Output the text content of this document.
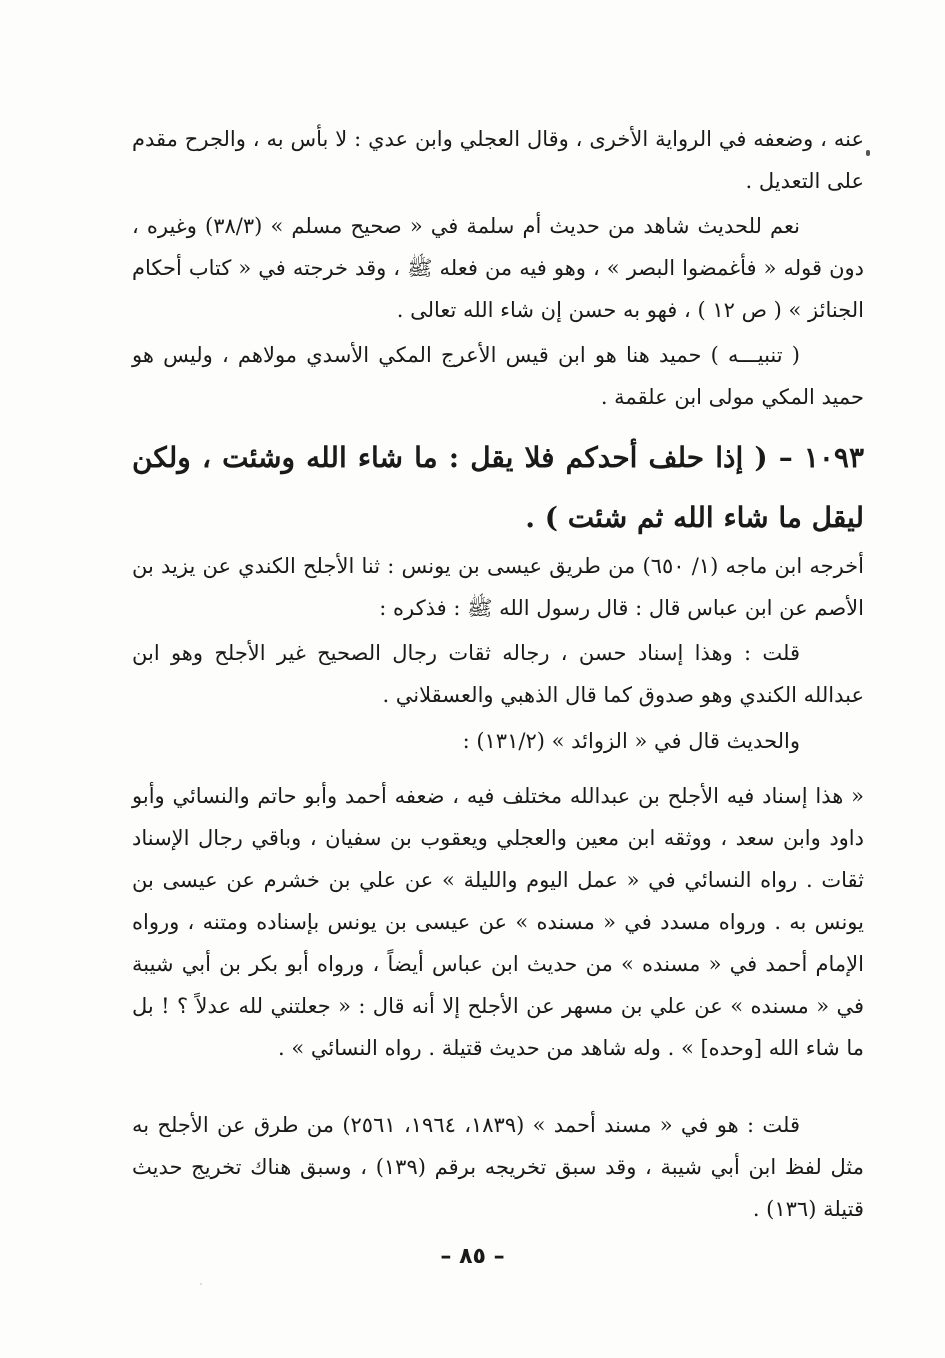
عنه ، وضعفه في الرواية الأخرى ، وقال العجلي وابن عدي : لا بأس به ، والجرح مقدم على التعديل .

نعم للحديث شاهد من حديث أم سلمة في « صحيح مسلم » (٣٨/٣) وغيره ، دون قوله « فأغمضوا البصر » ، وهو فيه من فعله ﷺ ، وقد خرجته في « كتاب أحكام الجنائز » ( ص ١٢ ) ، فهو به حسن إن شاء الله تعالى .

( تنبيـــه ) حميد هنا هو ابن قيس الأعرج المكي الأسدي مولاهم ، وليس هو حميد المكي مولى ابن علقمة .

١٠٩٣ – ( إذا حلف أحدكم فلا يقل : ما شاء الله وشئت ، ولكن ليقل ما شاء الله ثم شئت ) .

أخرجه ابن ماجه (١/ ٦٥٠) من طريق عيسى بن يونس : ثنا الأجلح الكندي عن يزيد بن الأصم عن ابن عباس قال : قال رسول الله ﷺ : فذكره :

قلت : وهذا إسناد حسن ، رجاله ثقات رجال الصحيح غير الأجلح وهو ابن عبدالله الكندي وهو صدوق كما قال الذهبي والعسقلاني .

والحديث قال في « الزوائد » (١٣١/٢) :

« هذا إسناد فيه الأجلح بن عبدالله مختلف فيه ، ضعفه أحمد وأبو حاتم والنسائي وأبو داود وابن سعد ، ووثقه ابن معين والعجلي ويعقوب بن سفيان ، وباقي رجال الإسناد ثقات . رواه النسائي في « عمل اليوم والليلة » عن علي بن خشرم عن عيسى بن يونس به . ورواه مسدد في « مسنده » عن عيسى بن يونس بإسناده ومتنه ، ورواه الإمام أحمد في « مسنده » من حديث ابن عباس أيضاً ، ورواه أبو بكر بن أبي شيبة في « مسنده » عن علي بن مسهر عن الأجلح إلا أنه قال : « جعلتني لله عدلاً ؟ ! بل ما شاء الله [وحده] » . وله شاهد من حديث قتيلة . رواه النسائي » .

قلت : هو في « مسند أحمد » (١٨٣٩، ١٩٦٤، ٢٥٦١) من طرق عن الأجلح به مثل لفظ ابن أبي شيبة ، وقد سبق تخريجه برقم (١٣٩) ، وسبق هناك تخريج حديث قتيلة (١٣٦) .

– ٨٥ –
